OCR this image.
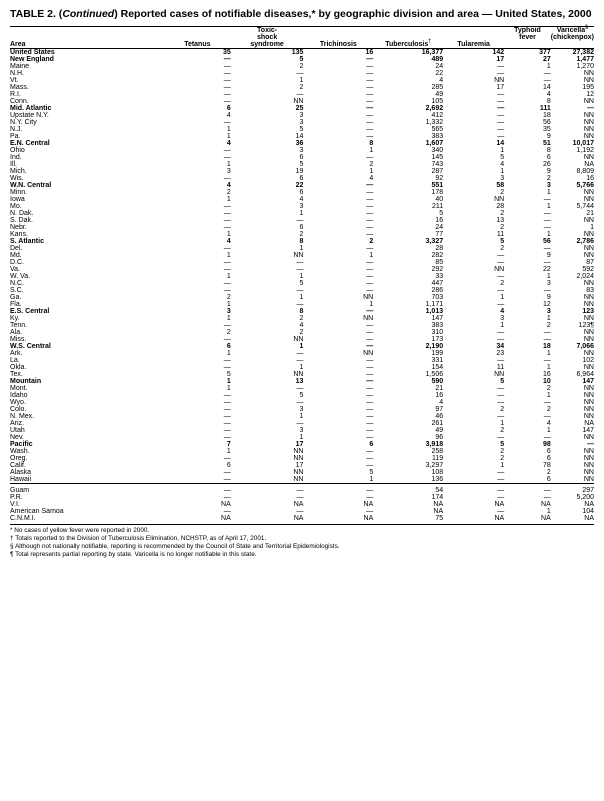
TABLE 2. (Continued) Reported cases of notifiable diseases,* by geographic division and area — United States, 2000
		Toxic-				Typhoid	Varicella§
		shock				fever	(chickenpox)
Area	Tetanus	syndrome	Trichinosis	Tuberculosis†	Tularemia		
United States	35	135	16	16,377	142	377	27,382
New England	—	5	—	489	17	27	1,477
Maine	—	2	—	24	—	1	1,270
N.H.	—	—	—	22	—	—	NN
Vt.	—	1	—	4	NN	—	NN
Mass.	—	2	—	285	17	14	195
R.I.	—	—	—	49	—	4	12
Conn.	—	NN	—	105	—	8	NN
Mid. Atlantic	6	25	—	2,692	—	111	—
Upstate N.Y.	4	3	—	412	—	18	NN
N.Y. City	—	3	—	1,332	—	56	NN
N.J.	1	5	—	565	—	35	NN
Pa.	1	14	—	383	—	9	NN
E.N. Central	4	36	8	1,607	14	51	10,017
Ohio	—	3	1	340	1	8	1,192
Ind.	—	6	—	145	5	6	NN
Ill.	1	5	2	743	4	26	NA
Mich.	3	19	1	287	1	9	8,809
Wis.	—	6	4	92	3	2	16
W.N. Central	4	22	—	551	58	3	5,766
Minn.	2	6	—	178	2	1	NN
Iowa	1	4	—	40	NN	—	NN
Mo.	—	3	—	211	28	1	5,744
N. Dak.	—	1	—	5	2	—	21
S. Dak.	—	—	—	16	13	—	NN
Nebr.	—	6	—	24	2	—	1
Kans.	1	2	—	77	11	1	NN
S. Atlantic	4	8	2	3,327	5	56	2,786
Del.	—	1	—	28	2	—	NN
Md.	1	NN	1	282	—	9	NN
D.C.	—	—	—	85	—	—	87
Va.	—	—	—	292	NN	22	592
W. Va.	1	1	—	33	—	1	2,024
N.C.	—	5	—	447	2	3	NN
S.C.	—	—	—	286	—	—	83
Ga.	2	1	NN	703	1	9	NN
Fla.	1	—	1	1,171	—	12	NN
E.S. Central	3	8	—	1,013	4	3	123
Ky.	1	2	NN	147	3	1	NN
Tenn.	—	4	—	383	1	2	123¶
Ala.	2	2	—	310	—	—	NN
Miss.	—	NN	—	173	—	—	NN
W.S. Central	6	1	—	2,190	34	18	7,066
Ark.	1	—	NN	199	23	1	NN
La.	—	—	—	331	—	—	102
Okla.	—	1	—	154	11	1	NN
Tex.	5	NN	—	1,506	NN	16	6,964
Mountain	1	13	—	590	5	10	147
Mont.	1	—	—	21	—	2	NN
Idaho	—	5	—	16	—	1	NN
Wyo.	—	—	—	4	—	—	NN
Colo.	—	3	—	97	2	2	NN
N. Mex.	—	1	—	46	—	—	NN
Ariz.	—	—	—	261	1	4	NA
Utah	—	3	—	49	2	1	147
Nev.	—	1	—	96	—	—	NN
Pacific	7	17	6	3,918	5	98	—
Wash.	1	NN	—	258	2	6	NN
Oreg.	—	NN	—	119	2	6	NN
Calif.	6	17	—	3,297	1	78	NN
Alaska	—	NN	5	108	—	2	NN
Hawaii	—	NN	1	136	—	6	NN

Guam	—	—	—	54	—	—	297
P.R.	—	—	—	174	—	—	5,200
V.I.	NA	NA	NA	NA	NA	NA	NA
American Samoa	—	—	—	NA	—	1	104
C.N.M.I.	NA	NA	NA	75	NA	NA	NA
* No cases of yellow fever were reported in 2000.
† Totals reported to the Division of Tuberculosis Elimination, NCHSTP, as of April 17, 2001.
§ Although not nationally notifiable, reporting is recommended by the Council of State and Territorial Epidemiologists.
¶ Total represents partial reporting by state. Varicella is no longer notifiable in this state.
